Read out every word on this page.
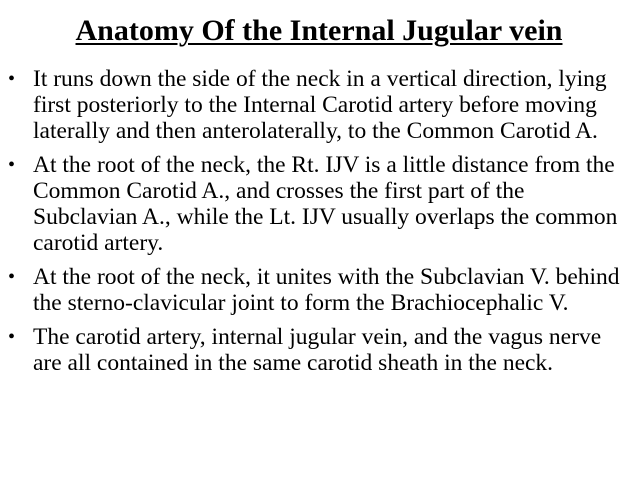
Anatomy Of the Internal Jugular vein
• It runs down the side of the neck in a vertical direction, lying first posteriorly to the Internal Carotid artery before moving laterally and then anterolaterally, to the Common Carotid A.
• At the root of the neck, the Rt. IJV is a little distance from the Common Carotid A., and crosses the first part of the Subclavian A., while the Lt. IJV usually overlaps the common carotid artery.
• At the root of the neck, it unites with the Subclavian V. behind the sterno-clavicular joint to form the Brachiocephalic V.
• The carotid artery, internal jugular vein, and the vagus nerve are all contained in the same carotid sheath in the neck.
